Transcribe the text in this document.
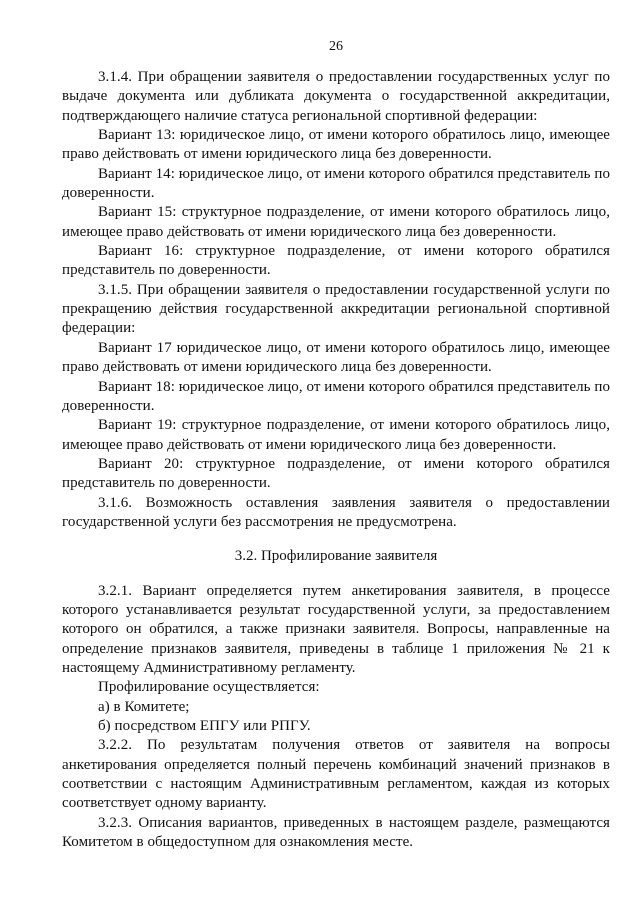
26

3.1.4. При обращении заявителя о предоставлении государственных услуг по выдаче документа или дубликата документа о государственной аккредитации, подтверждающего наличие статуса региональной спортивной федерации:

Вариант 13: юридическое лицо, от имени которого обратилось лицо, имеющее право действовать от имени юридического лица без доверенности.

Вариант 14: юридическое лицо, от имени которого обратился представитель по доверенности.

Вариант 15: структурное подразделение, от имени которого обратилось лицо, имеющее право действовать от имени юридического лица без доверенности.

Вариант 16: структурное подразделение, от имени которого обратился представитель по доверенности.

3.1.5. При обращении заявителя о предоставлении государственной услуги по прекращению действия государственной аккредитации региональной спортивной федерации:

Вариант 17 юридическое лицо, от имени которого обратилось лицо, имеющее право действовать от имени юридического лица без доверенности.

Вариант 18: юридическое лицо, от имени которого обратился представитель по доверенности.

Вариант 19: структурное подразделение, от имени которого обратилось лицо, имеющее право действовать от имени юридического лица без доверенности.

Вариант 20: структурное подразделение, от имени которого обратился представитель по доверенности.

3.1.6. Возможность оставления заявления заявителя о предоставлении государственной услуги без рассмотрения не предусмотрена.

3.2. Профилирование заявителя

3.2.1. Вариант определяется путем анкетирования заявителя, в процессе которого устанавливается результат государственной услуги, за предоставлением которого он обратился, а также признаки заявителя. Вопросы, направленные на определение признаков заявителя, приведены в таблице 1 приложения № 21 к настоящему Административному регламенту.

Профилирование осуществляется:

а) в Комитете;

б) посредством ЕПГУ или РПГУ.

3.2.2. По результатам получения ответов от заявителя на вопросы анкетирования определяется полный перечень комбинаций значений признаков в соответствии с настоящим Административным регламентом, каждая из которых соответствует одному варианту.

3.2.3. Описания вариантов, приведенных в настоящем разделе, размещаются Комитетом в общедоступном для ознакомления месте.
